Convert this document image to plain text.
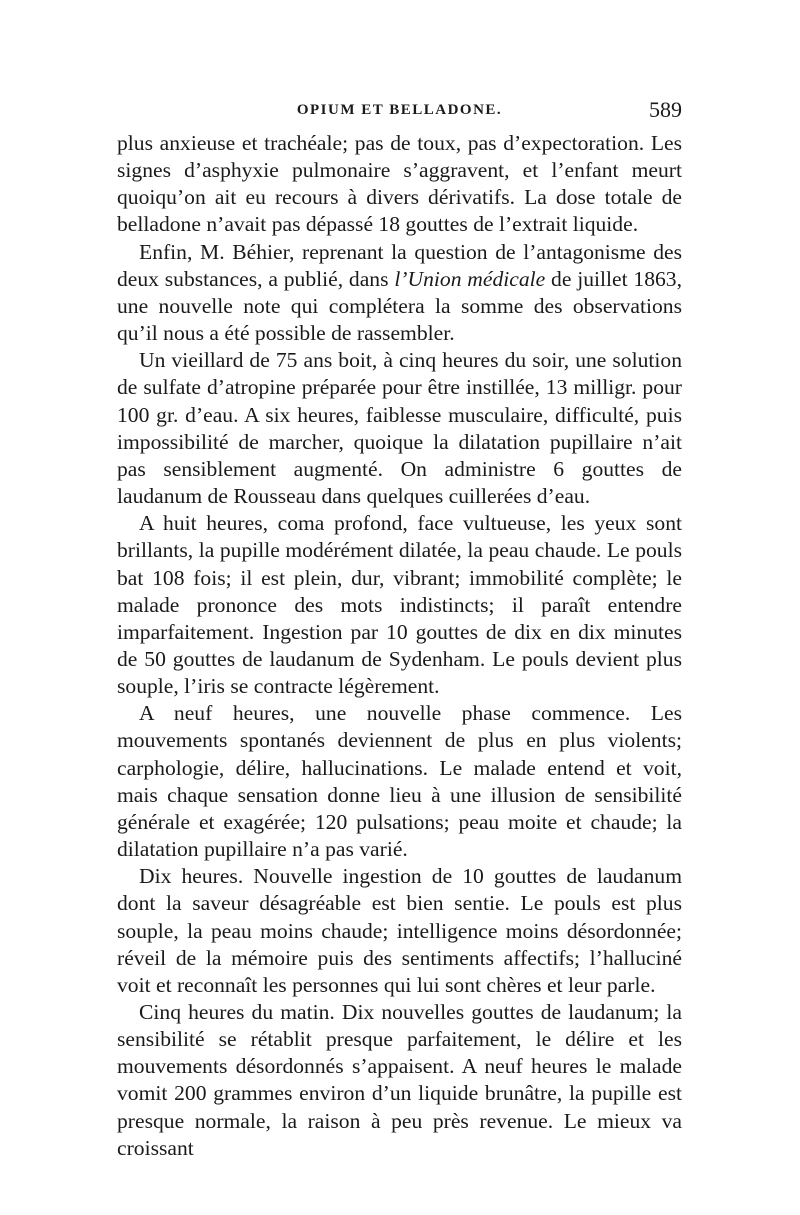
OPIUM ET BELLADONE.	589

plus anxieuse et trachéale; pas de toux, pas d’expectoration. Les signes d’asphyxie pulmonaire s’aggravent, et l’enfant meurt quoiqu’on ait eu recours à divers dérivatifs. La dose totale de belladone n’avait pas dépassé 18 gouttes de l’extrait liquide.

Enfin, M. Béhier, reprenant la question de l’antagonisme des deux substances, a publié, dans l’Union médicale de juillet 1863, une nouvelle note qui complétera la somme des observations qu’il nous a été possible de rassembler.

Un vieillard de 75 ans boit, à cinq heures du soir, une solution de sulfate d’atropine préparée pour être instillée, 13 milligr. pour 100 gr. d’eau. A six heures, faiblesse musculaire, difficulté, puis impossibilité de marcher, quoique la dilatation pupillaire n’ait pas sensiblement augmenté. On administre 6 gouttes de laudanum de Rousseau dans quelques cuillerées d’eau.

A huit heures, coma profond, face vultueuse, les yeux sont brillants, la pupille modérément dilatée, la peau chaude. Le pouls bat 108 fois; il est plein, dur, vibrant; immobilité complète; le malade prononce des mots indistincts; il paraît entendre imparfaitement. Ingestion par 10 gouttes de dix en dix minutes de 50 gouttes de laudanum de Sydenham. Le pouls devient plus souple, l’iris se contracte légèrement.

A neuf heures, une nouvelle phase commence. Les mouvements spontanés deviennent de plus en plus violents; carphologie, délire, hallucinations. Le malade entend et voit, mais chaque sensation donne lieu à une illusion de sensibilité générale et exagérée; 120 pulsations; peau moite et chaude; la dilatation pupillaire n’a pas varié.

Dix heures. Nouvelle ingestion de 10 gouttes de laudanum dont la saveur désagréable est bien sentie. Le pouls est plus souple, la peau moins chaude; intelligence moins désordonnée; réveil de la mémoire puis des sentiments affectifs; l’halluciné voit et reconnaît les personnes qui lui sont chères et leur parle.

Cinq heures du matin. Dix nouvelles gouttes de laudanum; la sensibilité se rétablit presque parfaitement, le délire et les mouvements désordonnés s’appaisent. A neuf heures le malade vomit 200 grammes environ d’un liquide brunâtre, la pupille est presque normale, la raison à peu près revenue. Le mieux va croissant
